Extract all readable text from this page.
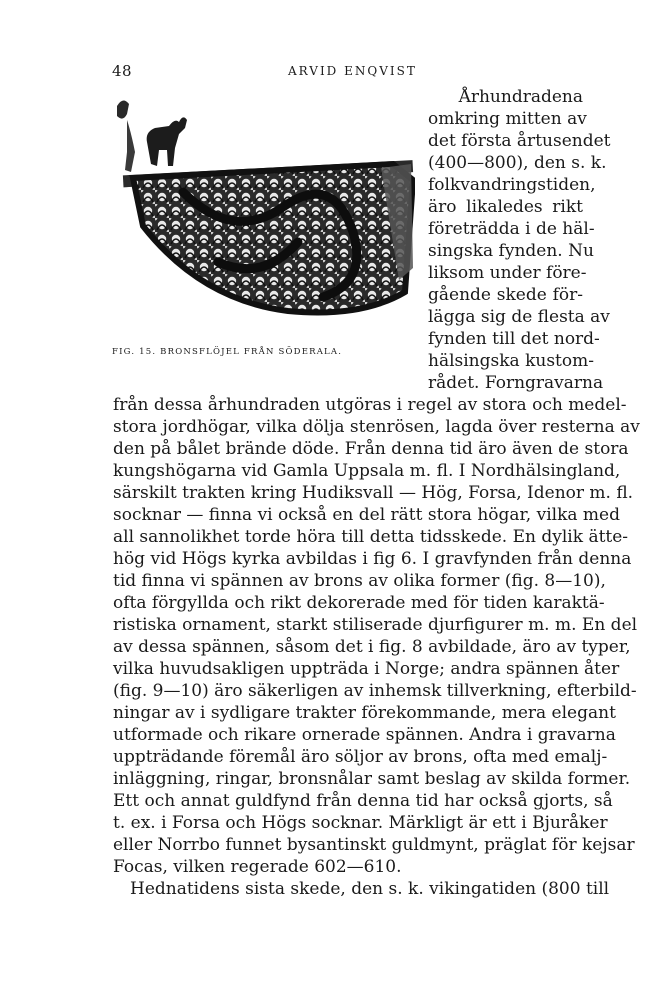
48	ARVID ENQVIST
FIG. 15. BRONSFLÖJEL FRÅN SÖDERALA.
Århundradena
omkring mitten av
det första årtusendet
(400—800), den s. k.
folkvandringstiden,
äro likaledes rikt
företrädda i de häl-
singska fynden. Nu
liksom under före-
gående skede för-
lägga sig de flesta av
fynden till det nord-
hälsingska kustom-
rådet. Forngravarna
från dessa århundraden utgöras i regel av stora och medel-
stora jordhögar, vilka dölja stenrösen, lagda över resterna av
den på bålet brände döde. Från denna tid äro även de stora
kungshögarna vid Gamla Uppsala m. fl. I Nordhälsingland,
särskilt trakten kring Hudiksvall — Hög, Forsa, Idenor m. fl.
socknar — finna vi också en del rätt stora högar, vilka med
all sannolikhet torde höra till detta tidsskede. En dylik ätte-
hög vid Högs kyrka avbildas i fig 6. I gravfynden från denna
tid finna vi spännen av brons av olika former (fig. 8—10),
ofta förgyllda och rikt dekorerade med för tiden karaktä-
ristiska ornament, starkt stiliserade djurfigurer m. m. En del
av dessa spännen, såsom det i fig. 8 avbildade, äro av typer,
vilka huvudsakligen uppträda i Norge; andra spännen åter
(fig. 9—10) äro säkerligen av inhemsk tillverkning, efterbild-
ningar av i sydligare trakter förekommande, mera elegant
utformade och rikare ornerade spännen. Andra i gravarna
uppträdande föremål äro söljor av brons, ofta med emalj-
inläggning, ringar, bronsnålar samt beslag av skilda former.
Ett och annat guldfynd från denna tid har också gjorts, så
t. ex. i Forsa och Högs socknar. Märkligt är ett i Bjuråker
eller Norrbo funnet bysantinskt guldmynt, präglat för kejsar
Focas, vilken regerade 602—610.
Hednatidens sista skede, den s. k. vikingatiden (800 till
